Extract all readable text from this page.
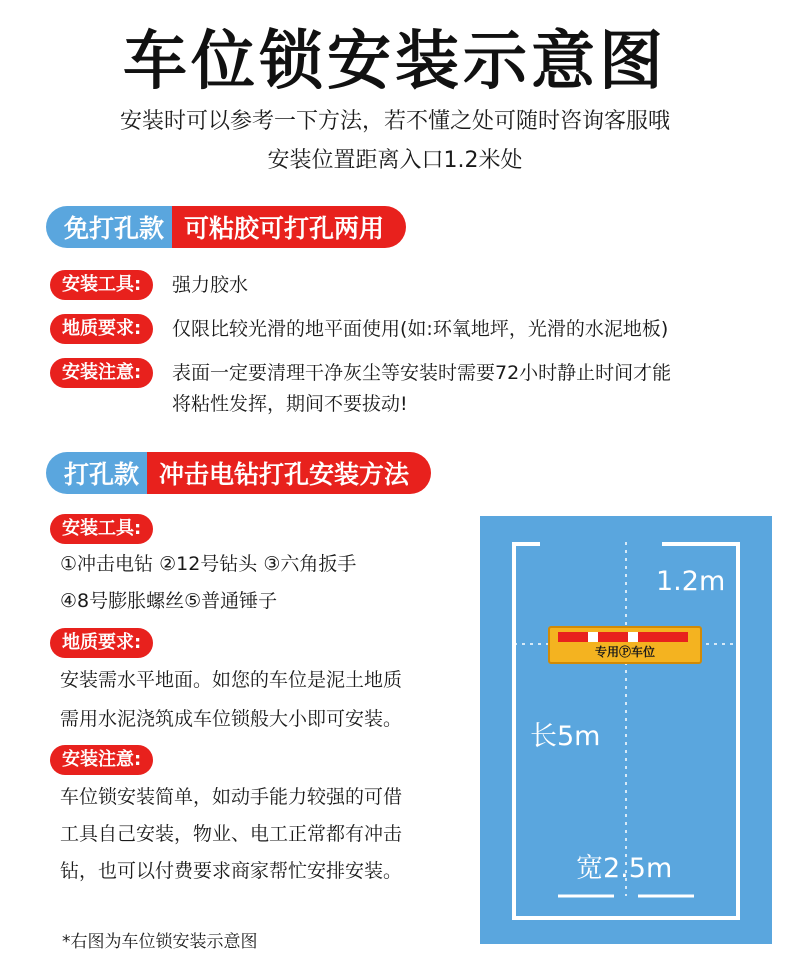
车位锁安装示意图
安装时可以参考一下方法，若不懂之处可随时咨询客服哦
安装位置距离入口1.2米处
免打孔款 可粘胶可打孔两用
安装工具:	强力胶水
地质要求:	仅限比较光滑的地平面使用(如:环氧地坪，光滑的水泥地板)
安装注意:	表面一定要清理干净灰尘等安装时需要72小时静止时间才能
将粘性发挥，期间不要拔动!
打孔款 冲击电钻打孔安装方法
安装工具:
①冲击电钻 ②12号钻头 ③六角扳手
④8号膨胀螺丝⑤普通锤子
地质要求:
安装需水平地面。如您的车位是泥土地质
需用水泥浇筑成车位锁般大小即可安装。
安装注意:
车位锁安装简单，如动手能力较强的可借
工具自己安装，物业、电工正常都有冲击
钻，也可以付费要求商家帮忙安排安装。
*右图为车位锁安装示意图
1.2m
专用Ⓟ车位
长5m
宽2.5m
